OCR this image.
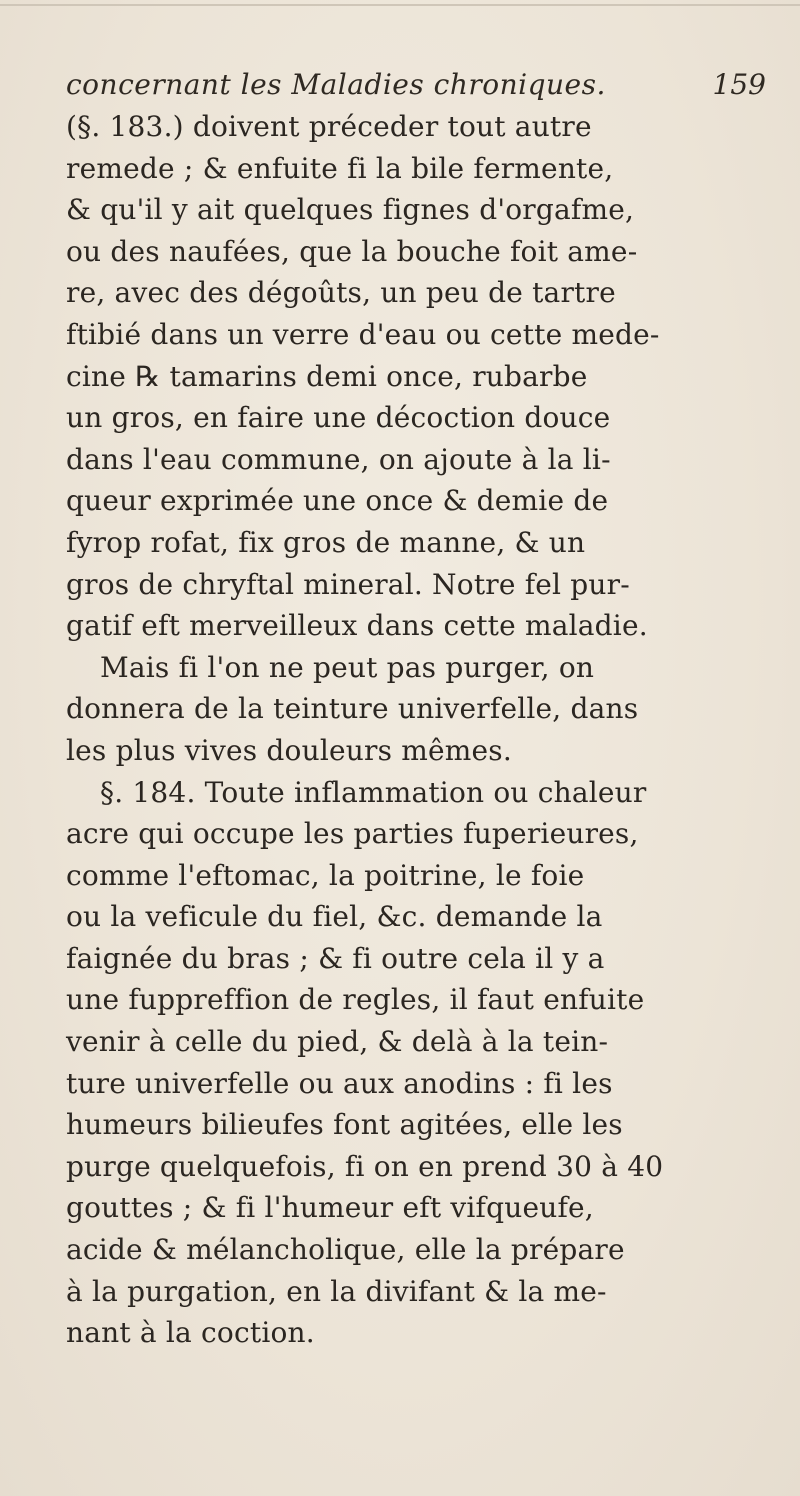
concernant les Maladies chroniques.	159
(§. 183.) doivent préceder tout autre
remede ; & enfuite fi la bile fermente,
& qu'il y ait quelques fignes d'orgafme,
ou des naufées, que la bouche foit ame-
re, avec des dégoûts, un peu de tartre
ftibié dans un verre d'eau ou cette mede-
cine ℞ tamarins demi once, rubarbe
un gros, en faire une décoction douce
dans l'eau commune, on ajoute à la li-
queur exprimée une once & demie de
fyrop rofat, fix gros de manne, & un
gros de chryftal mineral. Notre fel pur-
gatif eft merveilleux dans cette maladie.
Mais fi l'on ne peut pas purger, on
donnera de la teinture univerfelle, dans
les plus vives douleurs mêmes.
§. 184. Toute inflammation ou chaleur
acre qui occupe les parties fuperieures,
comme l'eftomac, la poitrine, le foie
ou la veficule du fiel, &c. demande la
faignée du bras ; & fi outre cela il y a
une fuppreffion de regles, il faut enfuite
venir à celle du pied, & delà à la tein-
ture univerfelle ou aux anodins : fi les
humeurs bilieufes font agitées, elle les
purge quelquefois, fi on en prend 30 à 40
gouttes ; & fi l'humeur eft vifqueufe,
acide & mélancholique, elle la prépare
à la purgation, en la divifant & la me-
nant à la coction.
